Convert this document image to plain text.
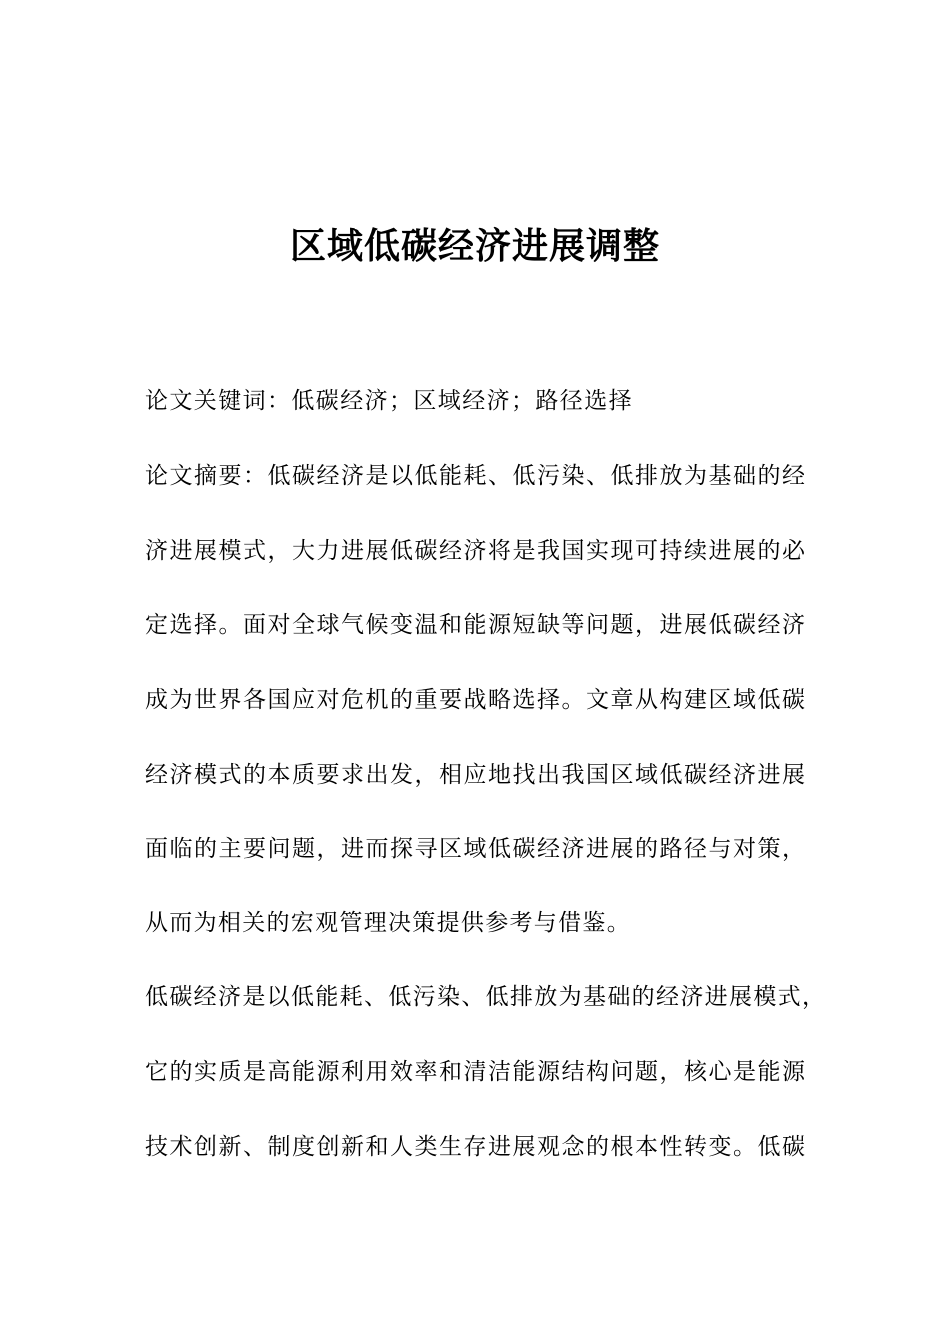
区域低碳经济进展调整
论文关键词：低碳经济；区域经济；路径选择
论文摘要：低碳经济是以低能耗、低污染、低排放为基础的经
济进展模式，大力进展低碳经济将是我国实现可持续进展的必
定选择。面对全球气候变温和能源短缺等问题，进展低碳经济
成为世界各国应对危机的重要战略选择。文章从构建区域低碳
经济模式的本质要求出发，相应地找出我国区域低碳经济进展
面临的主要问题，进而探寻区域低碳经济进展的路径与对策，
从而为相关的宏观管理决策提供参考与借鉴。
低碳经济是以低能耗、低污染、低排放为基础的经济进展模式，
它的实质是高能源利用效率和清洁能源结构问题，核心是能源
技术创新、制度创新和人类生存进展观念的根本性转变。低碳
